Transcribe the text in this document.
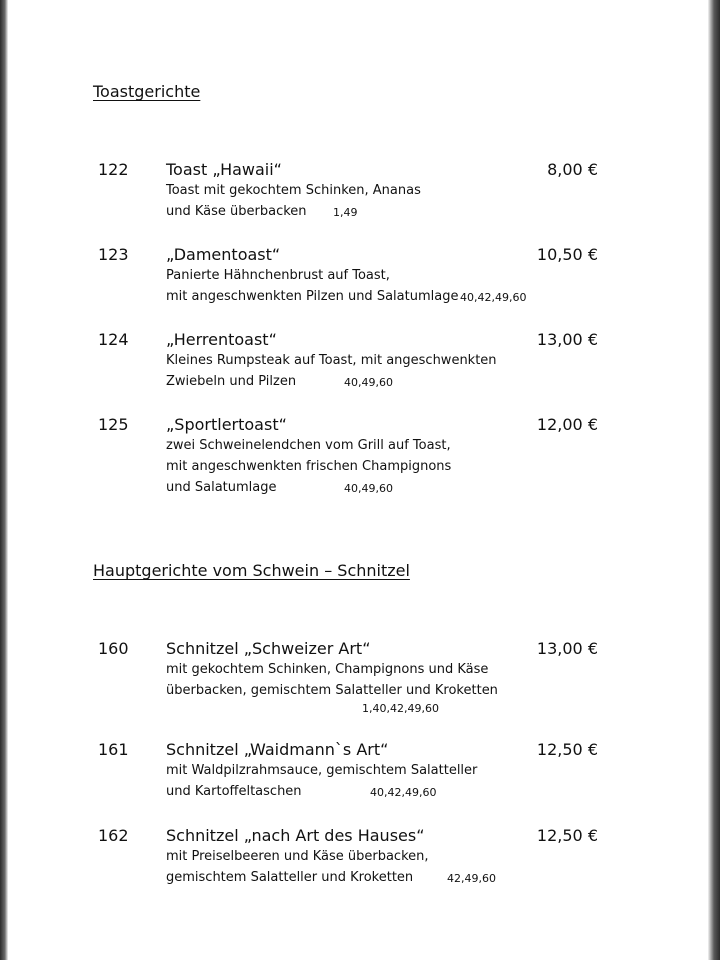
Toastgerichte
122 Toast „Hawaii“	8,00 €
Toast mit gekochtem Schinken, Ananas
und Käse überbacken 1,49
123 „Damentoast“	10,50 €
Panierte Hähnchenbrust auf Toast,
mit angeschwenkten Pilzen und Salatumlage 40,42,49,60
124 „Herrentoast“	13,00 €
Kleines Rumpsteak auf Toast, mit angeschwenkten
Zwiebeln und Pilzen	40,49,60
125 „Sportlertoast“	12,00 €
zwei Schweinelendchen vom Grill auf Toast,
mit angeschwenkten frischen Champignons
und Salatumlage	40,49,60
Hauptgerichte vom Schwein – Schnitzel
160 Schnitzel „Schweizer Art“	13,00 €
mit gekochtem Schinken, Champignons und Käse
überbacken, gemischtem Salatteller und Kroketten
1,40,42,49,60
161 Schnitzel „Waidmann`s Art“	12,50 €
mit Waldpilzrahmsauce, gemischtem Salatteller
und Kartoffeltaschen	40,42,49,60
162 Schnitzel „nach Art des Hauses“	12,50 €
mit Preiselbeeren und Käse überbacken,
gemischtem Salatteller und Kroketten	42,49,60
